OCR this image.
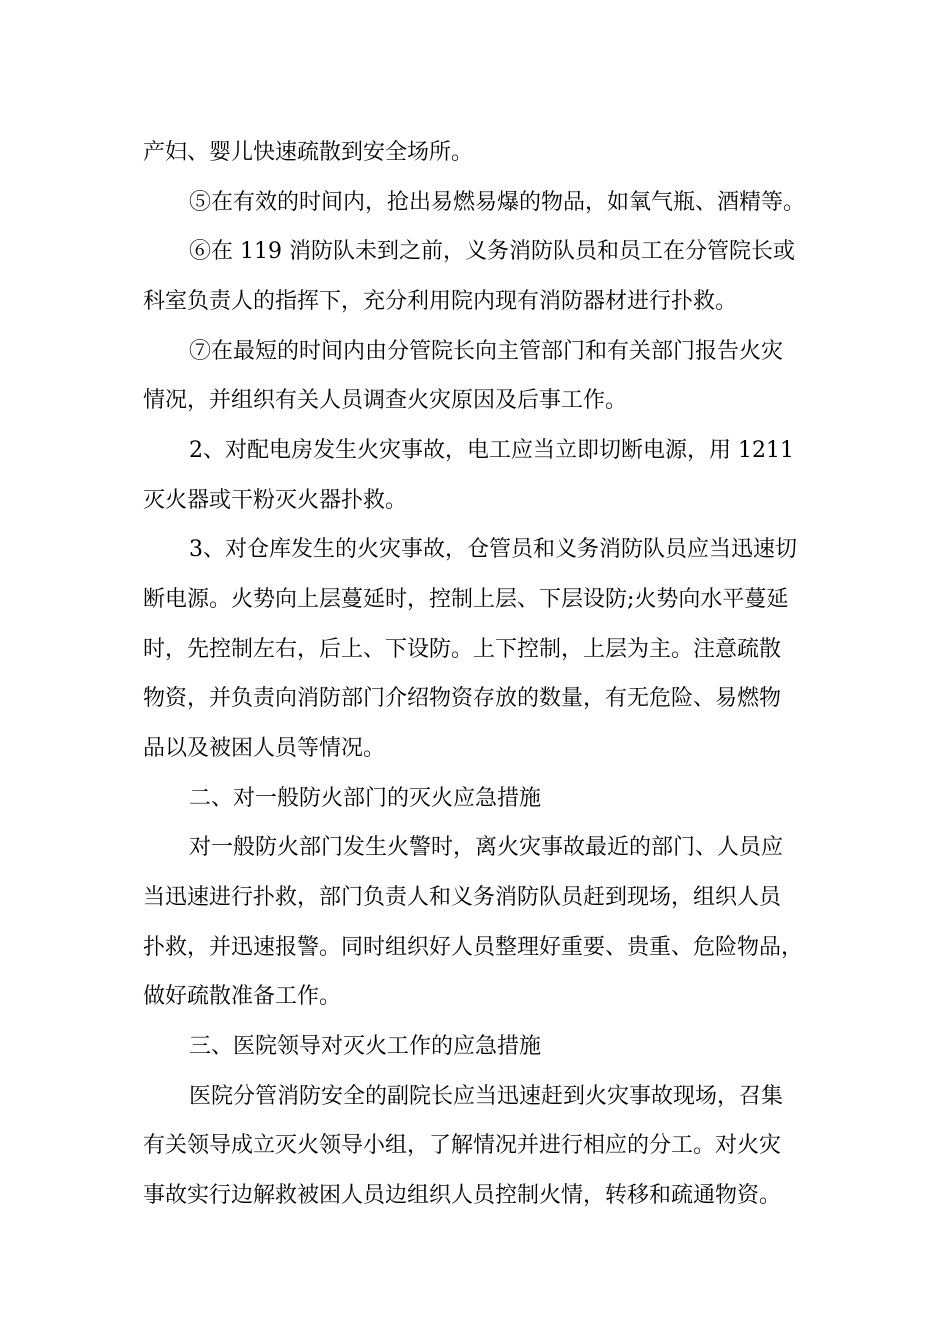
产妇、婴儿快速疏散到安全场所。

⑤在有效的时间内，抢出易燃易爆的物品，如氧气瓶、酒精等。

⑥在 119 消防队未到之前，义务消防队员和员工在分管院长或

科室负责人的指挥下，充分利用院内现有消防器材进行扑救。

⑦在最短的时间内由分管院长向主管部门和有关部门报告火灾

情况，并组织有关人员调查火灾原因及后事工作。

2、对配电房发生火灾事故，电工应当立即切断电源，用 1211

灭火器或干粉灭火器扑救。

3、对仓库发生的火灾事故，仓管员和义务消防队员应当迅速切

断电源。火势向上层蔓延时，控制上层、下层设防;火势向水平蔓延

时，先控制左右，后上、下设防。上下控制，上层为主。注意疏散

物资，并负责向消防部门介绍物资存放的数量，有无危险、易燃物

品以及被困人员等情况。

二、对一般防火部门的灭火应急措施

对一般防火部门发生火警时，离火灾事故最近的部门、人员应

当迅速进行扑救，部门负责人和义务消防队员赶到现场，组织人员

扑救，并迅速报警。同时组织好人员整理好重要、贵重、危险物品，

做好疏散准备工作。

三、医院领导对灭火工作的应急措施

医院分管消防安全的副院长应当迅速赶到火灾事故现场，召集

有关领导成立灭火领导小组，了解情况并进行相应的分工。对火灾

事故实行边解救被困人员边组织人员控制火情，转移和疏通物资。
